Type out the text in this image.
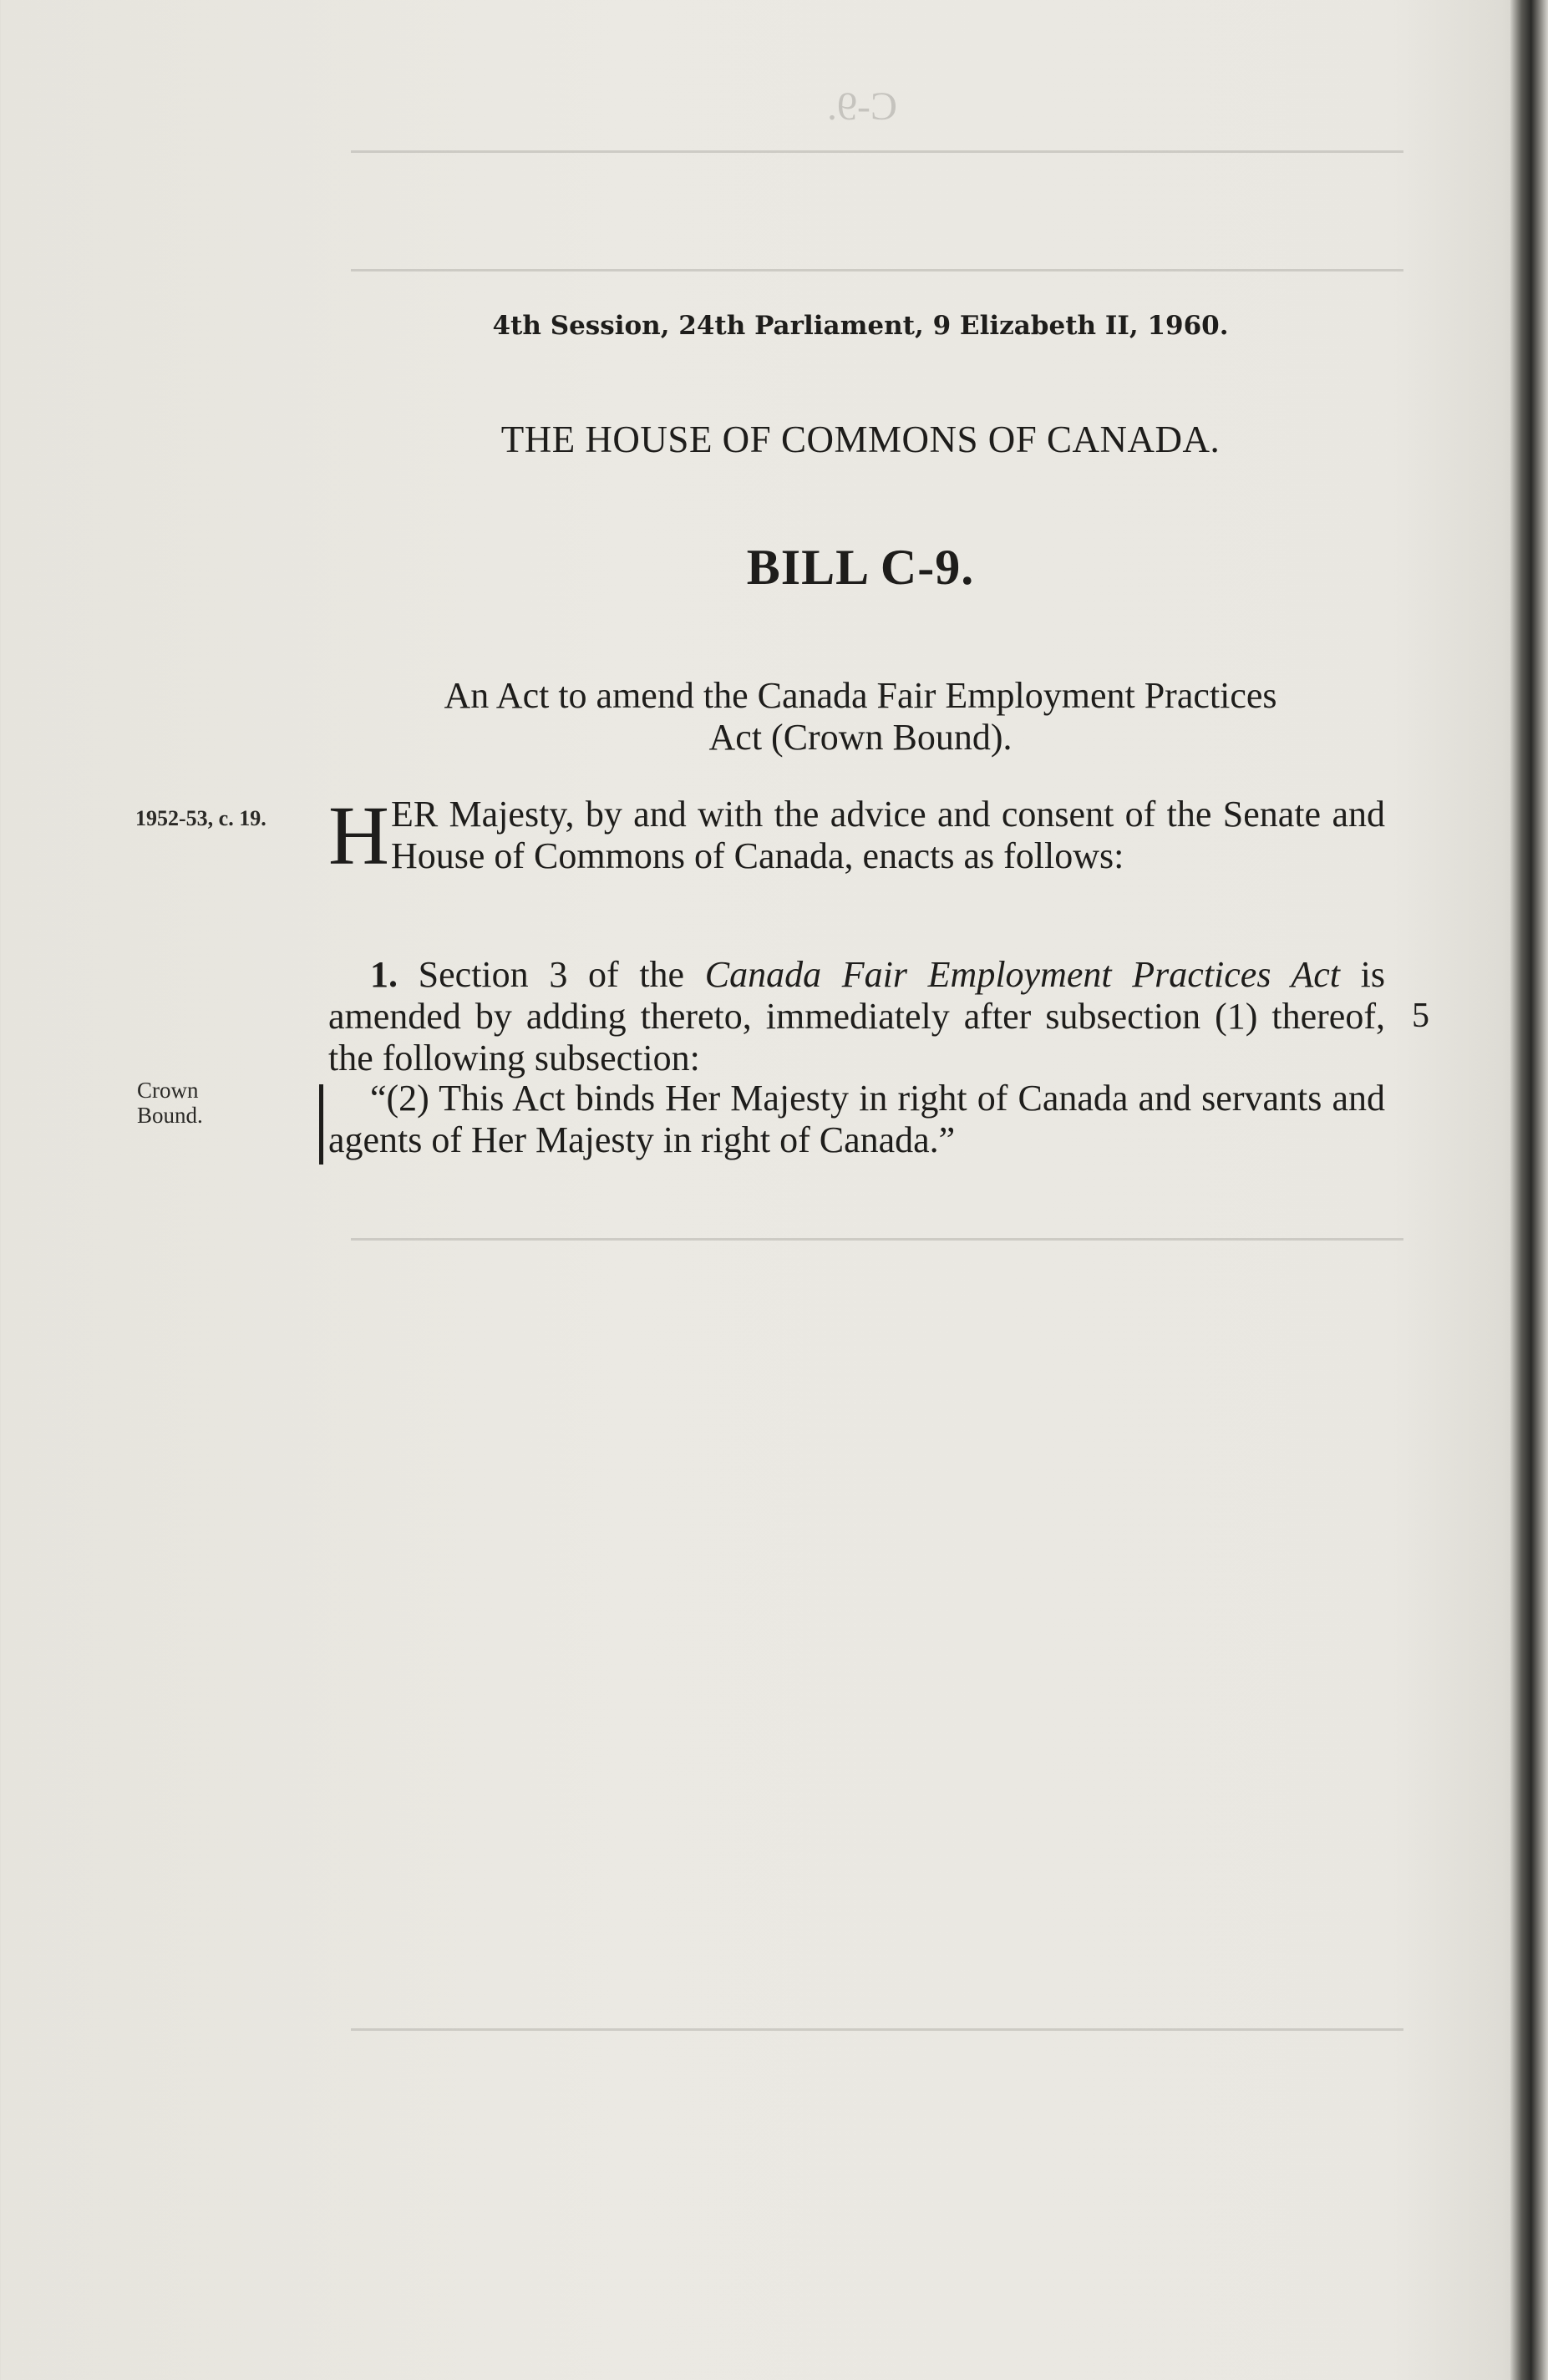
C-9.
4th Session, 24th Parliament, 9 Elizabeth II, 1960.
THE HOUSE OF COMMONS OF CANADA.
BILL C-9.
An Act to amend the Canada Fair Employment Practices
Act (Crown Bound).
1952-53, c. 19.
Crown
Bound.
HER Majesty, by and with the advice and consent of the Senate and House of Commons of Canada, enacts as follows:
1. Section 3 of the Canada Fair Employment Practices Act is amended by adding thereto, immediately after subsection (1) thereof, the following subsection:
5
“(2) This Act binds Her Majesty in right of Canada and servants and agents of Her Majesty in right of Canada.”
